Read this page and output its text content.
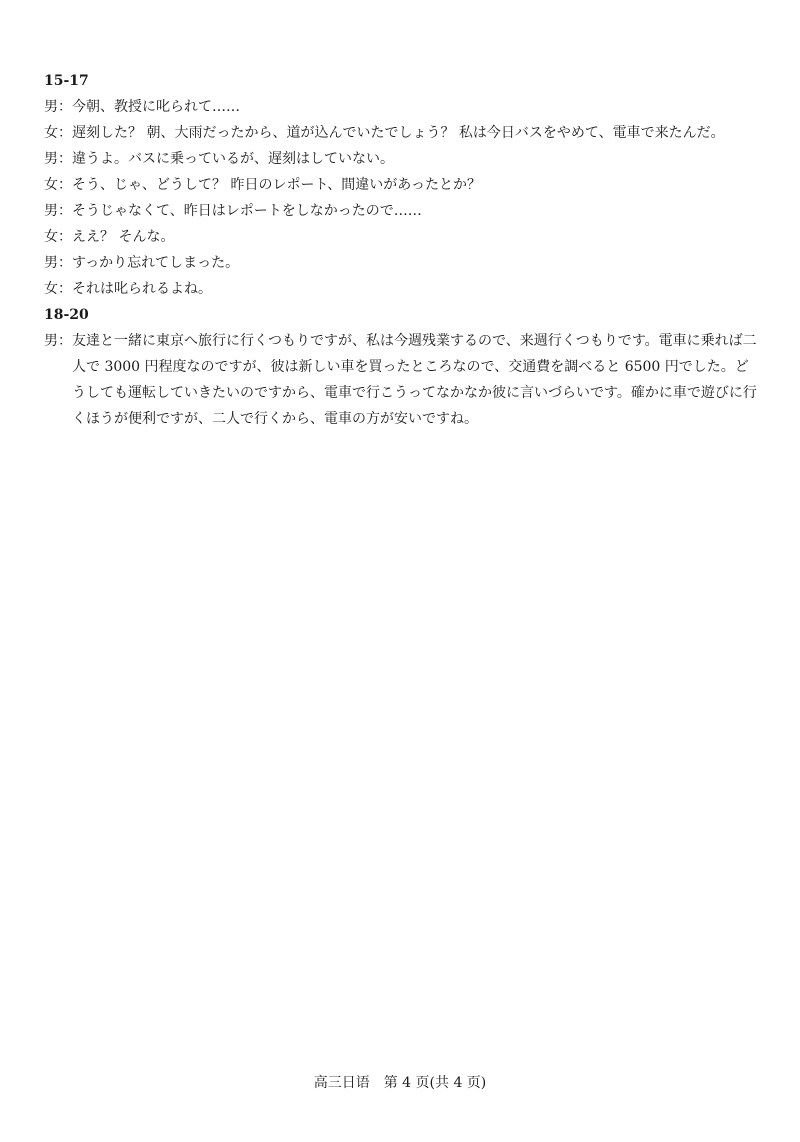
15-17
男： 今朝、教授に叱られて……
女： 遅刻した？ 朝、大雨だったから、道が込んでいたでしょう？ 私は今日バスをやめて、電車で来たんだ。
男： 違うよ。バスに乗っているが、遅刻はしていない。
女： そう、じゃ、どうして？ 昨日のレポート、間違いがあったとか？
男： そうじゃなくて、昨日はレポートをしなかったので……
女： ええ？ そんな。
男： すっかり忘れてしまった。
女： それは叱られるよね。
18-20
男： 友達と一緒に東京へ旅行に行くつもりですが、私は今週残業するので、来週行くつもりです。電車に乗れば二人で 3000 円程度なのですが、彼は新しい車を買ったところなので、交通費を調べると 6500 円でした。どうしても運転していきたいのですから、電車で行こうってなかなか彼に言いづらいです。確かに車で遊びに行くほうが便利ですが、二人で行くから、電車の方が安いですね。
高三日语　第 4 页(共 4 页)
